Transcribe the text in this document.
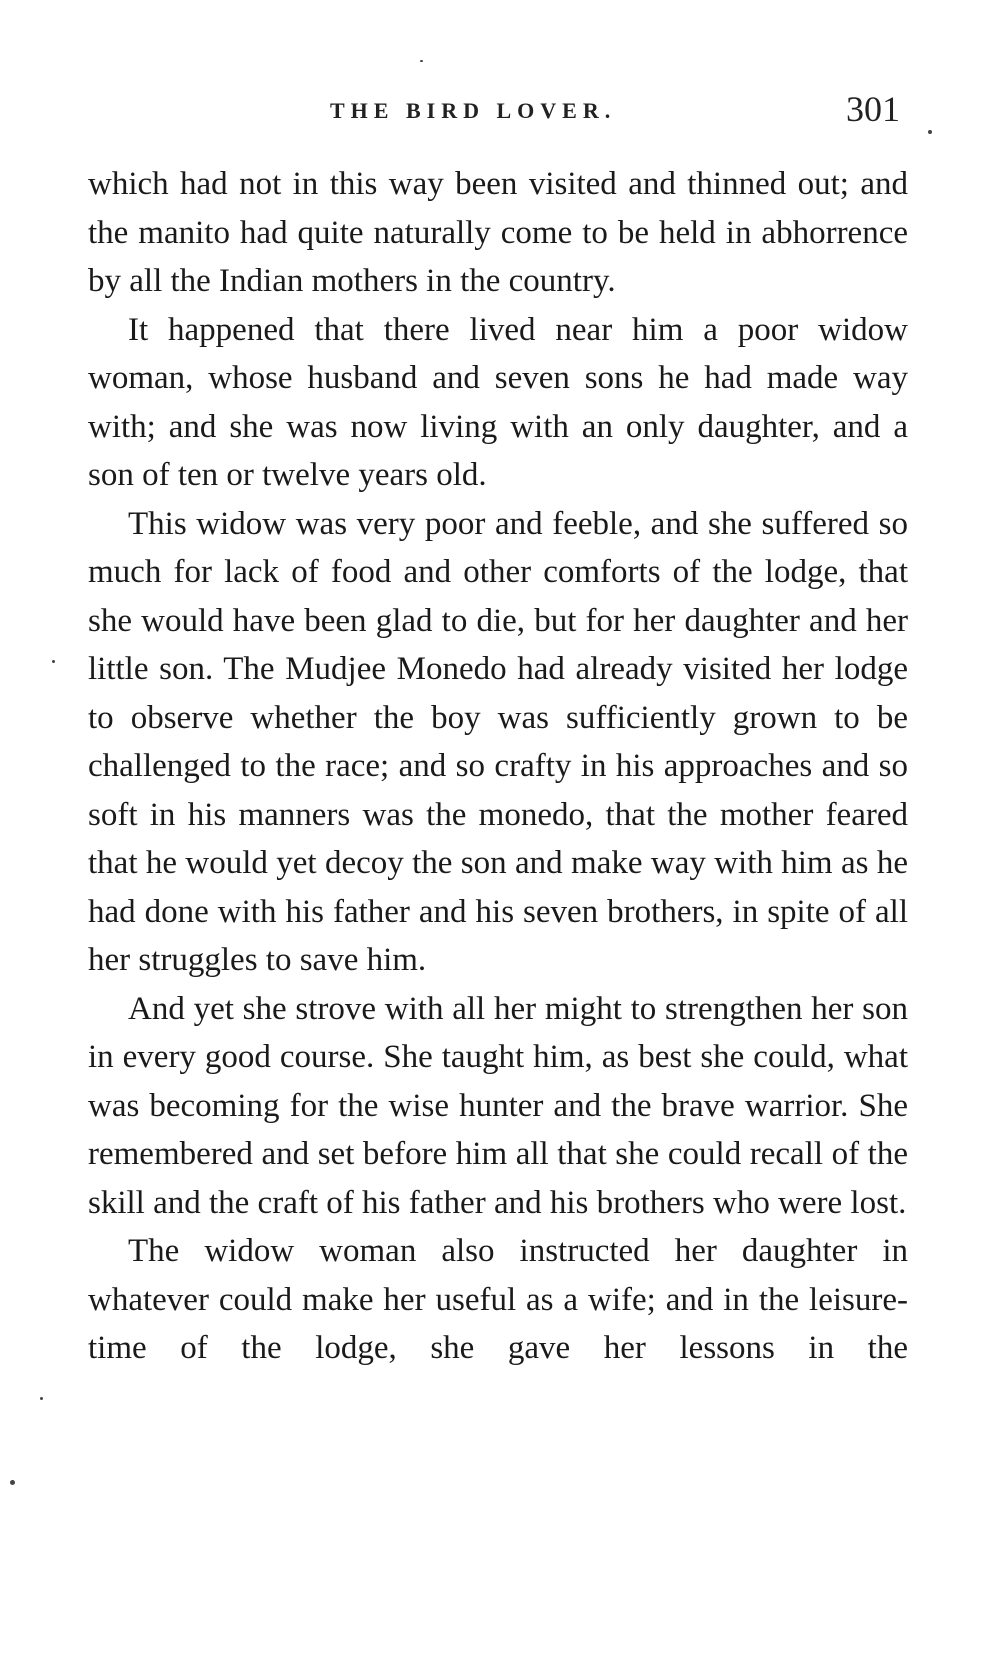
THE BIRD LOVER.	301

which had not in this way been visited and thinned out; and the manito had quite naturally come to be held in abhorrence by all the Indian mothers in the country.

It happened that there lived near him a poor widow woman, whose husband and seven sons he had made way with; and she was now living with an only daughter, and a son of ten or twelve years old.

This widow was very poor and feeble, and she suffered so much for lack of food and other comforts of the lodge, that she would have been glad to die, but for her daughter and her little son. The Mudjee Monedo had already visited her lodge to observe whether the boy was sufficiently grown to be challenged to the race; and so crafty in his approaches and so soft in his manners was the monedo, that the mother feared that he would yet decoy the son and make way with him as he had done with his father and his seven brothers, in spite of all her struggles to save him.

And yet she strove with all her might to strengthen her son in every good course. She taught him, as best she could, what was becoming for the wise hunter and the brave warrior. She remembered and set before him all that she could recall of the skill and the craft of his father and his brothers who were lost.

The widow woman also instructed her daughter in whatever could make her useful as a wife; and in the leisure-time of the lodge, she gave her lessons in the
